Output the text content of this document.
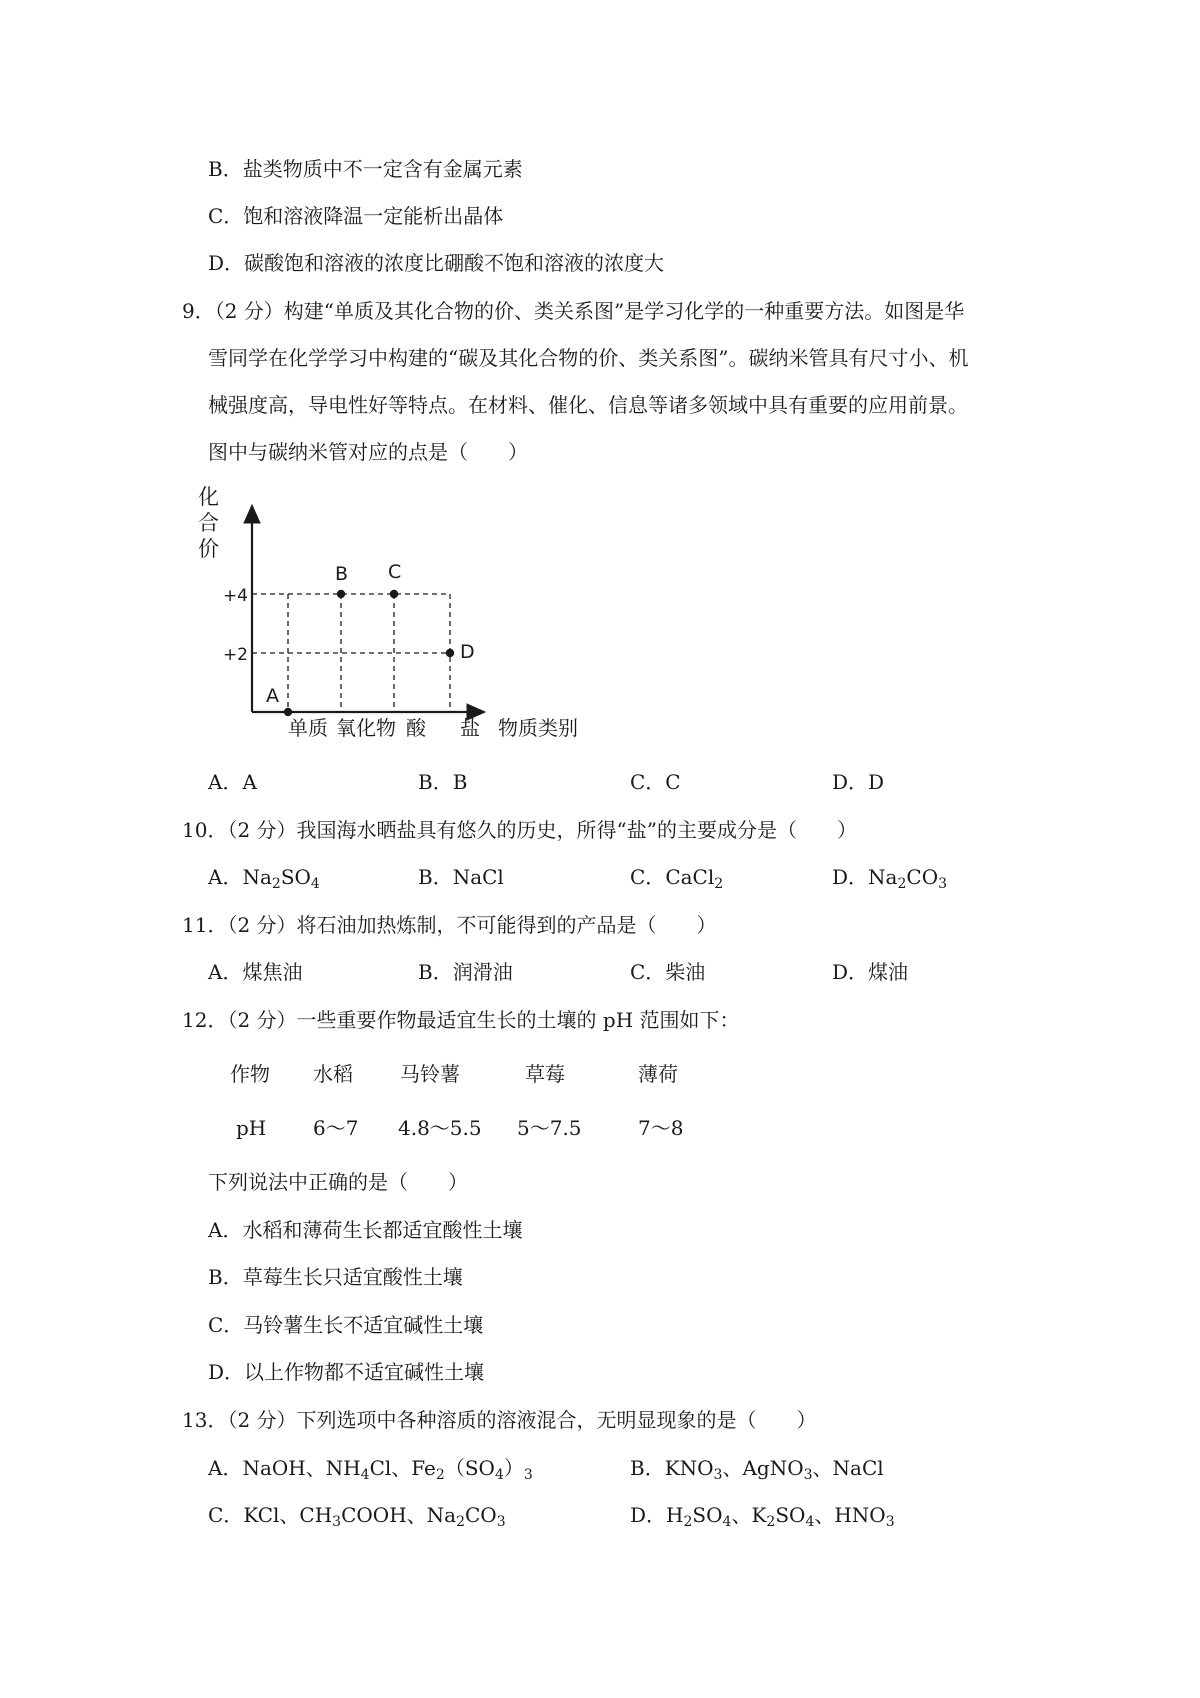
B．盐类物质中不一定含有金属元素
C．饱和溶液降温一定能析出晶体
D．碳酸饱和溶液的浓度比硼酸不饱和溶液的浓度大
9．（2 分）构建“单质及其化合物的价、类关系图”是学习化学的一种重要方法。如图是华
雪同学在化学学习中构建的“碳及其化合物的价、类关系图”。碳纳米管具有尺寸小、机
械强度高，导电性好等特点。在材料、催化、信息等诸多领域中具有重要的应用前景。
图中与碳纳米管对应的点是（　　）
化
合
价
+4
+2
单质 氧化物 酸 盐 物质类别
A
B C
D
A．A	B．B	C．C	D．D
10．（2 分）我国海水晒盐具有悠久的历史，所得“盐”的主要成分是（　　）
A．$Na_2SO_4$	B．NaCl	C．CaCl$_2$	D．$Na_2CO_3$
11．（2 分）将石油加热炼制，不可能得到的产品是（　　）
A．煤焦油	B．润滑油	C．柴油	D．煤油
12．（2 分）一些重要作物最适宜生长的土壤的 pH 范围如下：
作物 水稻 马铃薯	草莓	薄荷
pH 6～7 4.8～5.5 5～7.5	7～8
下列说法中正确的是（　　）
A．水稻和薄荷生长都适宜酸性土壤
B．草莓生长只适宜酸性土壤
C．马铃薯生长不适宜碱性土壤
D．以上作物都不适宜碱性土壤
13．（2 分）下列选项中各种溶质的溶液混合，无明显现象的是（　　）
A．NaOH、$NH_4Cl$、$Fe_2(SO_4)_3$	B．$KNO_3$、AgNO$_3$、NaCl
C．KCl、$CH_3COOH$、$Na_2CO_3$	D．$H_2SO_4$、$K_2SO_4$、$HNO_3$
